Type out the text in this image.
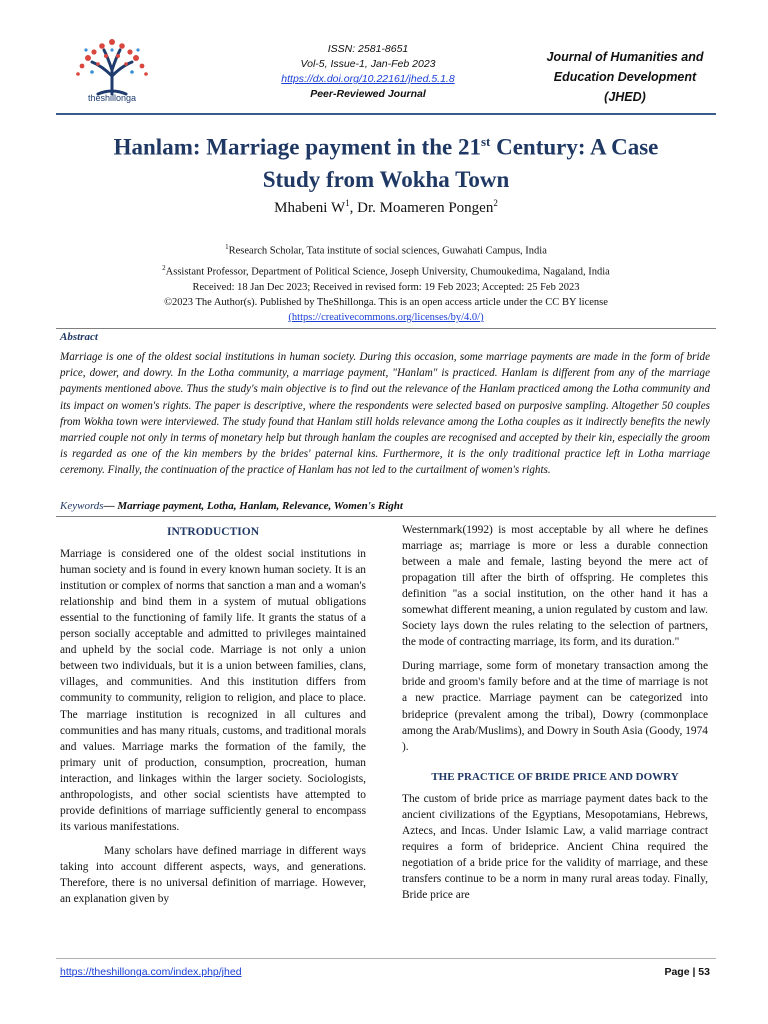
theshillonga
ISSN: 2581-8651
Vol-5, Issue-1, Jan-Feb 2023
https://dx.doi.org/10.22161/jhed.5.1.8
Peer-Reviewed Journal
Journal of Humanities and
Education Development
(JHED)
Hanlam: Marriage payment in the 21st Century: A Case
Study from Wokha Town
Mhabeni $W^1$, Dr. Moameren Pongen$^2$
$^1$Research Scholar, Tata institute of social sciences, Guwahati Campus, India
$^2$Assistant Professor, Department of Political Science, Joseph University, Chumoukedima, Nagaland, India
Received: 18 Jan Dec 2023; Received in revised form: 19 Feb 2023; Accepted: 25 Feb 2023
©2023 The Author(s). Published by TheShillonga. This is an open access article under the CC BY license
(https://creativecommons.org/licenses/by/4.0/)
Abstract
Marriage is one of the oldest social institutions in human society. During this occasion, some marriage payments are made in the form of bride price, dower, and dowry. In the Lotha community, a marriage payment, "Hanlam" is practiced. Hanlam is different from any of the marriage payments mentioned above. Thus the study's main objective is to find out the relevance of the Hanlam practiced among the Lotha community and its impact on women's rights. The paper is descriptive, where the respondents were selected based on purposive sampling. Altogether 50 couples from Wokha town were interviewed. The study found that Hanlam still holds relevance among the Lotha couples as it indirectly benefits the newly married couple not only in terms of monetary help but through hanlam the couples are recognised and accepted by their kin, especially the groom is regarded as one of the kin members by the brides' paternal kins. Furthermore, it is the only traditional practice left in Lotha marriage ceremony. Finally, the continuation of the practice of Hanlam has not led to the curtailment of women's rights.
Keywords— Marriage payment, Lotha, Hanlam, Relevance, Women's Right
INTRODUCTION

Marriage is considered one of the oldest social institutions in human society and is found in every known human society. It is an institution or complex of norms that sanction a man and a woman's relationship and bind them in a system of mutual obligations essential to the functioning of family life. It grants the status of a person socially acceptable and admitted to privileges maintained and upheld by the social code. Marriage is not only a union between two individuals, but it is a union between families, clans, villages, and communities. And this institution differs from community to community, religion to religion, and place to place. The marriage institution is recognized in all cultures and communities and has many rituals, customs, and traditional morals and values. Marriage marks the formation of the family, the primary unit of production, consumption, procreation, human interaction, and linkages within the larger society. Sociologists, anthropologists, and other social scientists have attempted to provide definitions of marriage sufficiently general to encompass its various manifestations.

Many scholars have defined marriage in different ways taking into account different aspects, ways, and generations. Therefore, there is no universal definition of marriage. However, an explanation given by

Westernmark(1992) is most acceptable by all where he defines marriage as; marriage is more or less a durable connection between a male and female, lasting beyond the mere act of propagation till after the birth of offspring. He completes this definition "as a social institution, on the other hand it has a somewhat different meaning, a union regulated by custom and law. Society lays down the rules relating to the selection of partners, the mode of contracting marriage, its form, and its duration."

During marriage, some form of monetary transaction among the bride and groom's family before and at the time of marriage is not a new practice. Marriage payment can be categorized into brideprice (prevalent among the tribal), Dowry (commonplace among the Arab/Muslims), and Dowry in South Asia (Goody, 1974 ).

THE PRACTICE OF BRIDE PRICE AND DOWRY

The custom of bride price as marriage payment dates back to the ancient civilizations of the Egyptians, Mesopotamians, Hebrews, Aztecs, and Incas. Under Islamic Law, a valid marriage contract requires a form of brideprice. Ancient China required the negotiation of a bride price for the validity of marriage, and these transfers continue to be a norm in many rural areas today. Finally, Bride price are

https://theshillonga.com/index.php/jhed	Page | 53
